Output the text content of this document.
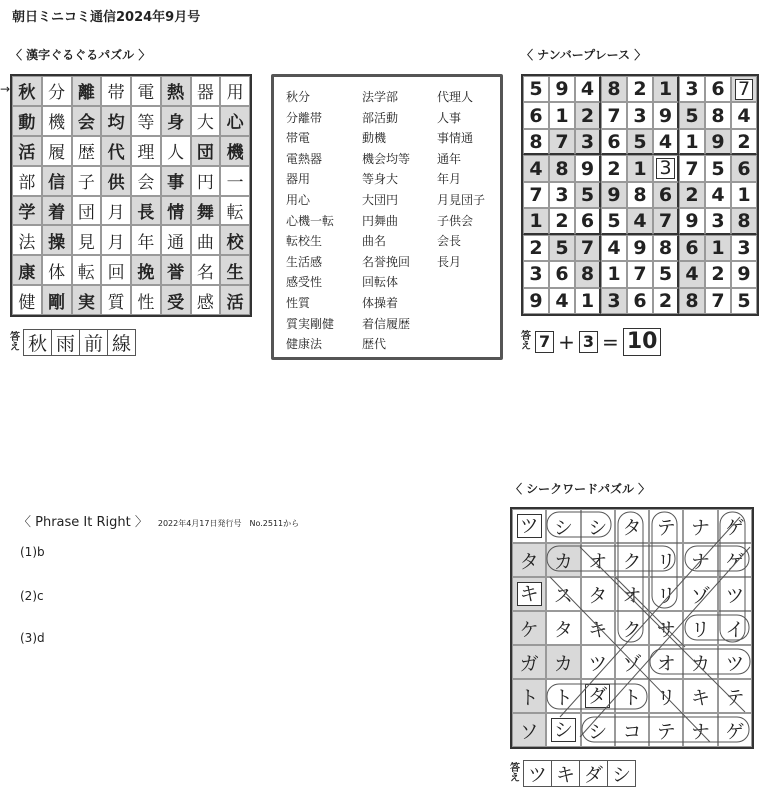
朝日ミニコミ通信2024年9月号
〈 漢字ぐるぐるパズル 〉
→ 秋 分 離 帯 電 熱 器 用
動 機 会 均 等 身 大 心
活 履 歴 代 理 人 団 機
部 信 子 供 会 事 円 一
学 着 団 月 長 情 舞 転
法 操 見 月 年 通 曲 校
康 体 転 回 挽 誉 名 生
健 剛 実 質 性 受 感 活
答え 秋 雨 前 線
秋分
分離帯
帯電
電熱器
器用
用心
心機一転
転校生
生活感
感受性
性質
質実剛健
健康法
法学部
部活動
動機
機会均等
等身大
大団円
円舞曲
曲名
名誉挽回
回転体
体操着
着信履歴
歴代
代理人
人事
事情通
通年
年月
月見団子
子供会
会長
長月
〈 ナンバープレース 〉
5 9 4 8 2 1 3 6 7
6 1 2 7 3 9 5 8 4
8 7 3 6 5 4 1 9 2
4 8 9 2 1 3 7 5 6
7 3 5 9 8 6 2 4 1
1 2 6 5 4 7 9 3 8
2 5 7 4 9 8 6 1 3
3 6 8 1 7 5 4 2 9
9 4 1 3 6 2 8 7 5
答え 7 + 3 = 10
〈 Phrase It Right 〉 2022年4月17日発行号　No.2511から
(1)b
(2)c
(3)d
〈 シークワードパズル 〉
ツ シ シ タ テ ナ ゲ
タ カ オ ク リ ナ ゲ
キ ス タ オ リ ゾ ツ
ケ タ キ ク サ リ イ
ガ カ ツ ゾ オ カ ツ
ト ト ダ ト リ キ テ
ソ シ シ コ テ ナ ゲ
答え ツ キ ダ シ
